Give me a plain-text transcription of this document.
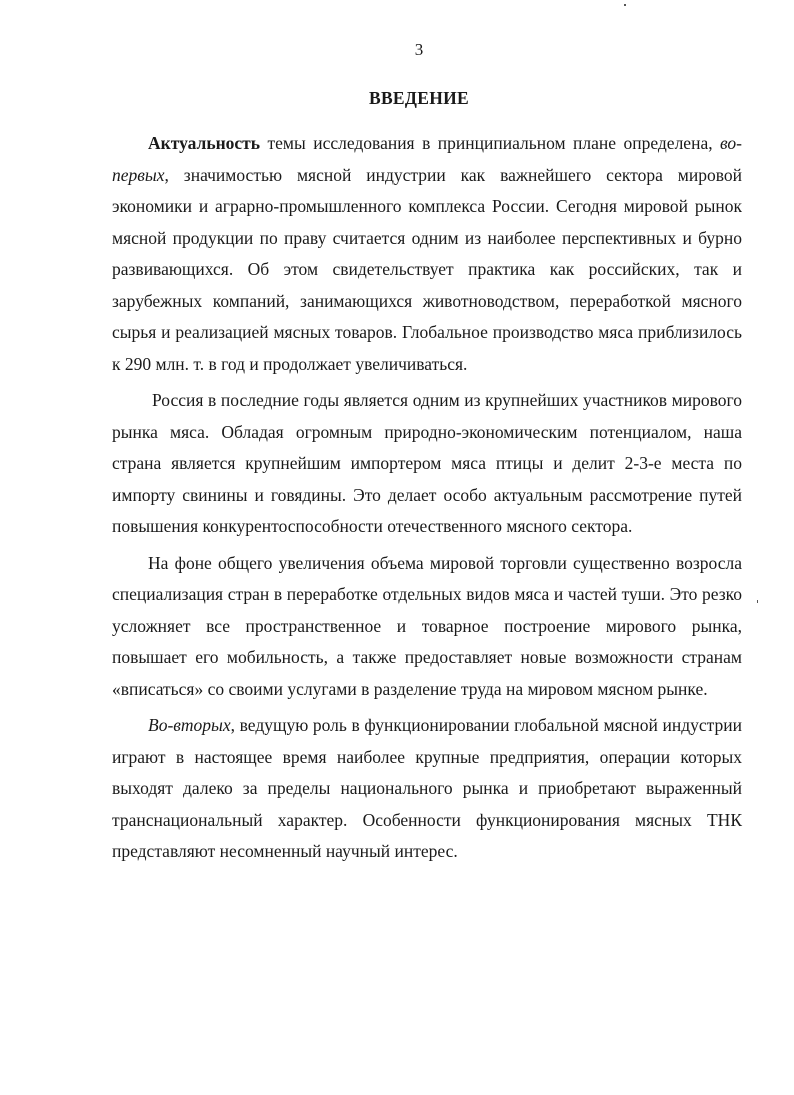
3
ВВЕДЕНИЕ

Актуальность темы исследования в принципиальном плане определена, во-первых, значимостью мясной индустрии как важнейшего сектора мировой экономики и аграрно-промышленного комплекса России. Сегодня мировой рынок мясной продукции по праву считается одним из наиболее перспективных и бурно развивающихся. Об этом свидетельствует практика как российских, так и зарубежных компаний, занимающихся животноводством, переработкой мясного сырья и реализацией мясных товаров. Глобальное производство мяса приблизилось к 290 млн. т. в год и продолжает увеличиваться.

Россия в последние годы является одним из крупнейших участников мирового рынка мяса. Обладая огромным природно-экономическим потенциалом, наша страна является крупнейшим импортером мяса птицы и делит 2-3-е места по импорту свинины и говядины. Это делает особо актуальным рассмотрение путей повышения конкурентоспособности отечественного мясного сектора.

На фоне общего увеличения объема мировой торговли существенно возросла специализация стран в переработке отдельных видов мяса и частей туши. Это резко усложняет все пространственное и товарное построение мирового рынка, повышает его мобильность, а также предоставляет новые возможности странам «вписаться» со своими услугами в разделение труда на мировом мясном рынке.

Во-вторых, ведущую роль в функционировании глобальной мясной индустрии играют в настоящее время наиболее крупные предприятия, операции которых выходят далеко за пределы национального рынка и приобретают выраженный транснациональный характер. Особенности функционирования мясных ТНК представляют несомненный научный интерес.
